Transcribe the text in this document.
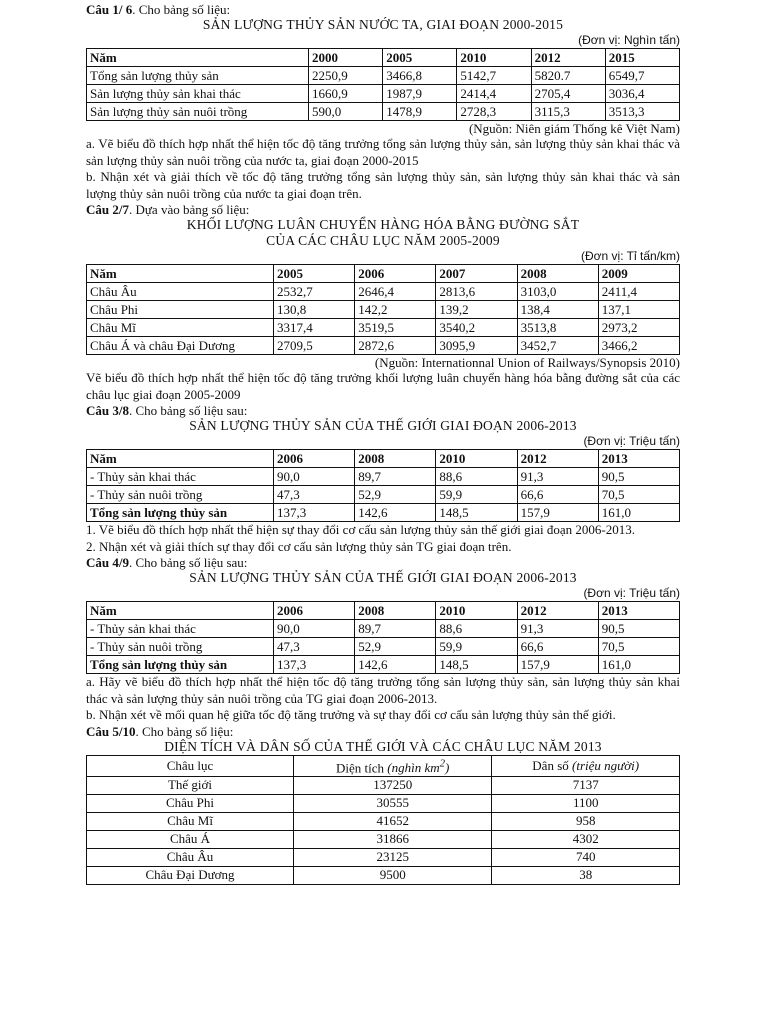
Câu 1/ 6. Cho bảng số liệu:

SẢN LƯỢNG THỦY SẢN NƯỚC TA, GIAI ĐOẠN 2000-2015

(Đơn vị: Nghìn tấn)

Năm	2000	2005	2010	2012	2015
Tổng sản lượng thủy sản	2250,9	3466,8	5142,7	5820.7	6549,7
Sản lượng thủy sản khai thác	1660,9	1987,9	2414,4	2705,4	3036,4
Sản lượng thủy sản nuôi trồng	590,0	1478,9	2728,3	3115,3	3513,3

(Nguồn: Niên giám Thống kê Việt Nam)

a. Vẽ biểu đồ thích hợp nhất thể hiện tốc độ tăng trưởng tổng sản lượng thủy sản, sản lượng thủy sản khai thác và sản lượng thủy sản nuôi trồng của nước ta, giai đoạn 2000-2015

b. Nhận xét và giải thích về tốc độ tăng trưởng tổng sản lượng thủy sản, sản lượng thủy sản khai thác và sản lượng thủy sản nuôi trồng của nước ta giai đoạn trên.

Câu 2/7. Dựa vào bảng số liệu:

KHỐI LƯỢNG LUÂN CHUYỂN HÀNG HÓA BẰNG ĐƯỜNG SẮT

CỦA CÁC CHÂU LỤC NĂM 2005-2009

(Đơn vị: Tỉ tấn/km)

Năm	2005	2006	2007	2008	2009
Châu Âu	2532,7	2646,4	2813,6	3103,0	2411,4
Châu Phi	130,8	142,2	139,2	138,4	137,1
Châu Mĩ	3317,4	3519,5	3540,2	3513,8	2973,2
Châu Á và châu Đại Dương	2709,5	2872,6	3095,9	3452,7	3466,2

(Nguồn: Internationnal Union of Railways/Synopsis 2010)

Vẽ biểu đồ thích hợp nhất thể hiện tốc độ tăng trưởng khối lượng luân chuyển hàng hóa bằng đường sắt của các châu lục giai đoạn 2005-2009

Câu 3/8. Cho bảng số liệu sau:

SẢN LƯỢNG THỦY SẢN CỦA THẾ GIỚI GIAI ĐOẠN 2006-2013

(Đơn vị: Triệu tấn)

Năm	2006	2008	2010	2012	2013
- Thủy sản khai thác	90,0	89,7	88,6	91,3	90,5
- Thủy sản nuôi trồng	47,3	52,9	59,9	66,6	70,5
Tổng sản lượng thủy sản	137,3	142,6	148,5	157,9	161,0

1. Vẽ biểu đồ thích hợp nhất thể hiện sự thay đổi cơ cấu sản lượng thủy sản thế giới giai đoạn 2006-2013.

2. Nhận xét và giải thích sự thay đổi cơ cấu sản lượng thủy sản TG giai đoạn trên.

Câu 4/9. Cho bảng số liệu sau:

SẢN LƯỢNG THỦY SẢN CỦA THẾ GIỚI GIAI ĐOẠN 2006-2013

(Đơn vị: Triệu tấn)

Năm	2006	2008	2010	2012	2013
- Thủy sản khai thác	90,0	89,7	88,6	91,3	90,5
- Thủy sản nuôi trồng	47,3	52,9	59,9	66,6	70,5
Tổng sản lượng thủy sản	137,3	142,6	148,5	157,9	161,0

a. Hãy vẽ biểu đồ thích hợp nhất thể hiện tốc độ tăng trưởng tổng sản lượng thủy sản, sản lượng thủy sản khai thác và sản lượng thủy sản nuôi trồng của TG giai đoạn 2006-2013.

b. Nhận xét về mối quan hệ giữa tốc độ tăng trưởng và sự thay đổi cơ cấu sản lượng thủy sản thế giới.

Câu 5/10. Cho bảng số liệu:

DIỆN TÍCH VÀ DÂN SỐ CỦA THẾ GIỚI VÀ CÁC CHÂU LỤC NĂM 2013

Châu lục	Diện tích (nghìn $km^2$)	Dân số (triệu người)
Thế giới	137250	7137
Châu Phi	30555	1100
Châu Mĩ	41652	958
Châu Á	31866	4302
Châu Âu	23125	740
Châu Đại Dương	9500	38
